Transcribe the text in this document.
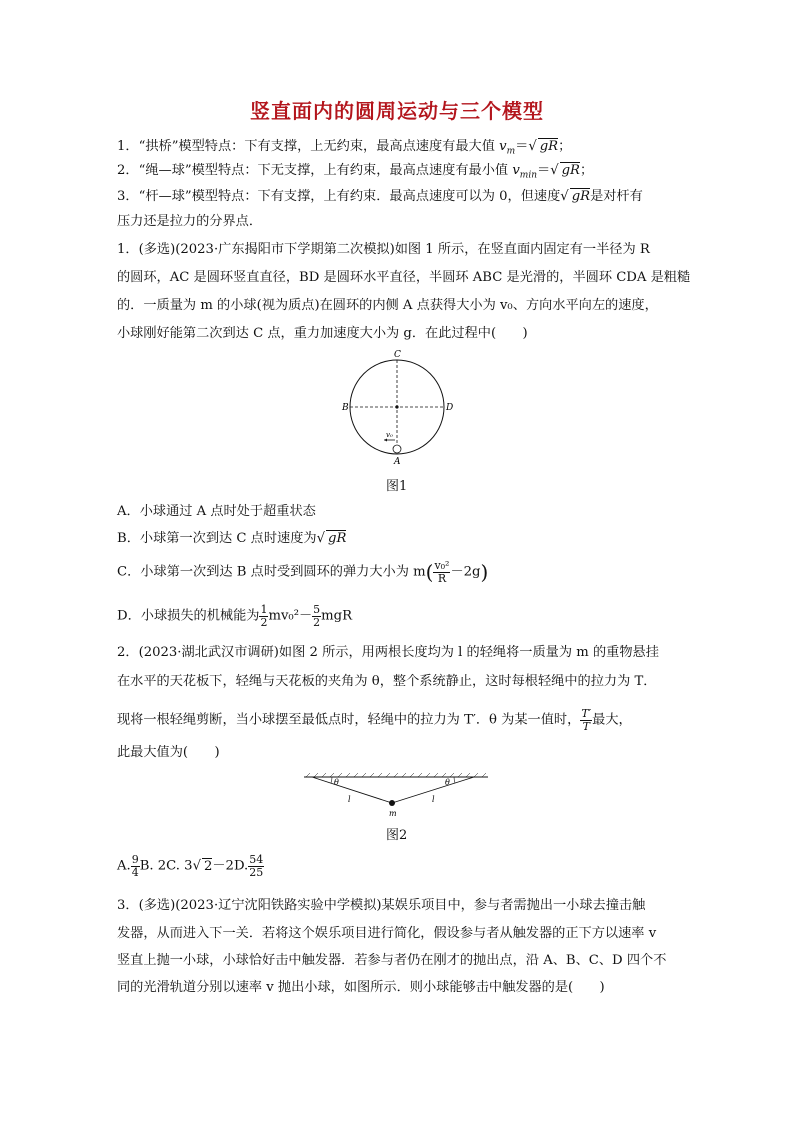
竖直面内的圆周运动与三个模型
1．“拱桥”模型特点：下有支撑，上无约束，最高点速度有最大值 $v_m=√$ gR；
2．“绳—球”模型特点：下无支撑，上有约束，最高点速度有最小值 $v_{min}=√$ gR；
3．“杆—球”模型特点：下有支撑，上有约束．最高点速度可以为 0，但速度√ gR是对杆有
压力还是拉力的分界点．
1．(多选)(2023·广东揭阳市下学期第二次模拟)如图 1 所示，在竖直面内固定有一半径为 R
的圆环，AC 是圆环竖直直径，BD 是圆环水平直径，半圆环 ABC 是光滑的，半圆环 CDA 是粗糙
的．一质量为 m 的小球(视为质点)在圆环的内侧 A 点获得大小为 v₀、方向水平向左的速度，
小球刚好能第二次到达 C 点，重力加速度大小为 g．在此过程中(　　)
v₀
C
B	D
A
图1
A．小球通过 A 点时处于超重状态
B．小球第一次到达 C 点时速度为√ gR
C．小球第一次到达 B 点时受到圆环的弹力大小为 $m( \frac{\text{v₀²}}{R} -2g)$
D．小球损失的机械能为 $\frac{1}{2} mv_0^2- \frac{5}{2}$ mgR
2．(2023·湖北武汉市调研)如图 2 所示，用两根长度均为 l 的轻绳将一质量为 m 的重物悬挂
在水平的天花板下，轻绳与天花板的夹角为 θ，整个系统静止，这时每根轻绳中的拉力为 T．
现将一根轻绳剪断，当小球摆至最低点时，轻绳中的拉力为 T′．θ 为某一值时， $\frac{T'}{T}$最大，
此最大值为(　　)
θ	θ
l	l
m
图2
A. $\frac{9}{4} B$. 2C. 3√ 2－2D. $\frac{54}{25}$
3．(多选)(2023·辽宁沈阳铁路实验中学模拟)某娱乐项目中，参与者需抛出一小球去撞击触
发器，从而进入下一关．若将这个娱乐项目进行简化，假设参与者从触发器的正下方以速率 v
竖直上抛一小球，小球恰好击中触发器．若参与者仍在刚才的抛出点，沿 A、B、C、D 四个不
同的光滑轨道分别以速率 v 抛出小球，如图所示．则小球能够击中触发器的是(　　)
